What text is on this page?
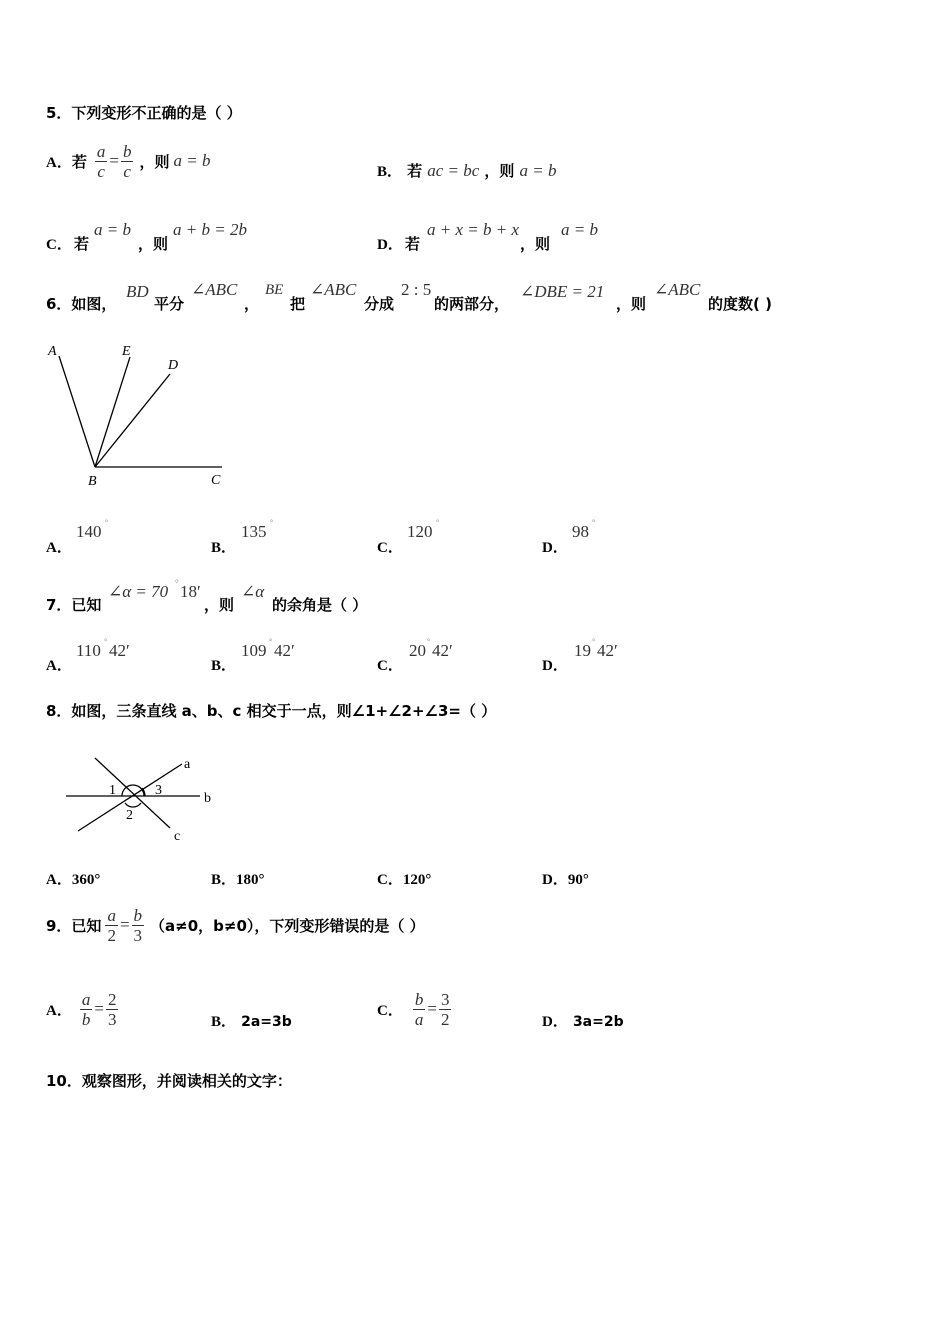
5．下列变形不正确的是（ ）
A． 若 $\frac{a}{c} = \frac{b}{c}$ ，则 a = b
B． 若 ac = bc ，则 a = b
C． 若
a = b
，则
a + b = 2b
D． 若
a + x = b + x
，则
a = b
6．如图，
BD
平分
∠ABC
，
BE
把
∠ABC
分成
2 : 5
的两部分，
∠DBE = 21
，则
∠ABC
的度数( )
A	E
D
B	C
A．
140 °
B．
135 °
C．
120 °
D．
98 °
7．已知
∠α = 70 ° 18′
，则
∠α
的余角是（ ）
A．
110 ° 42′
B．
109 ° 42′
C．
20 ° 42′
D．
19 ° 42′
8．如图，三条直线 a、b、c 相交于一点，则∠1+∠2+∠3=（ ）
a
b
c
1
2
3
A．360°	B．180°	C．120°	D．90°
9．已知 $\frac{a}{2} = \frac{b}{3} (a\ne 0$，b≠0），下列变形错误的是（ ）
A． $\frac{a}{b} = \frac{2}{3}$	B． 2a=3b
C． $\frac{b}{a} = \frac{3}{2}$	D． 3a=2b
10．观察图形，并阅读相关的文字：
